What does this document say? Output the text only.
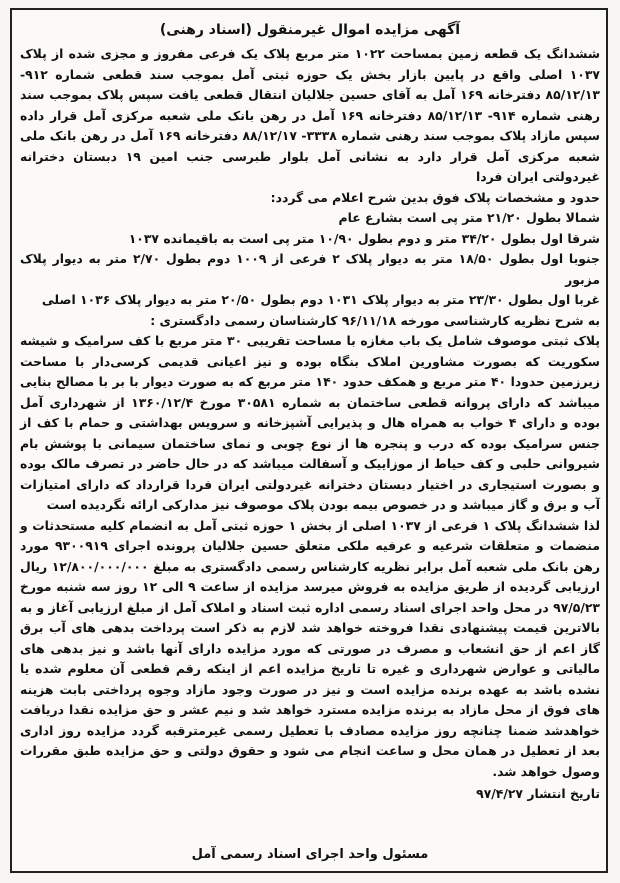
آگهی مزایده اموال غیرمنقول (اسناد رهنی)

ششدانگ یک قطعه زمین بمساحت ۱۰۲۲ متر مربع پلاک یک فرعی مفروز و مجزی شده از پلاک ۱۰۳۷ اصلی واقع در پایین بازار بخش یک حوزه ثبتی آمل بموجب سند قطعی شماره ۹۱۲- ۸۵/۱۲/۱۳ دفترخانه ۱۶۹ آمل به آقای حسین جلالیان انتقال قطعی یافت سپس پلاک بموجب سند رهنی شماره ۹۱۴- ۸۵/۱۲/۱۳ دفترخانه ۱۶۹ آمل در رهن بانک ملی شعبه مرکزی آمل قرار داده سپس مازاد پلاک بموجب سند رهنی شماره ۳۳۳۸- ۸۸/۱۲/۱۷ دفترخانه ۱۶۹ آمل در رهن بانک ملی شعبه مرکزی آمل قرار دارد به نشانی آمل بلوار طبرسی جنب امین ۱۹ دبستان دخترانه غیردولتی ایران فردا

حدود و مشخصات پلاک فوق بدین شرح اعلام می گردد:

شمالا بطول ۲۱/۲۰ متر پی است بشارع عام

شرقا اول بطول ۳۴/۲۰ متر و دوم بطول ۱۰/۹۰ متر پی است به باقیمانده ۱۰۳۷

جنوبا اول بطول ۱۸/۵۰ متر به دیوار پلاک ۲ فرعی از ۱۰۰۹ دوم بطول ۲/۷۰ متر به دیوار پلاک مزبور

غربا اول بطول ۲۳/۳۰ متر به دیوار پلاک ۱۰۳۱ دوم بطول ۲۰/۵۰ متر به دیوار پلاک ۱۰۳۶ اصلی

به شرح نظریه کارشناسی مورخه ۹۶/۱۱/۱۸ کارشناسان رسمی دادگستری :

پلاک ثبتی موصوف شامل یک باب مغازه با مساحت تقریبی ۳۰ متر مربع با کف سرامیک و شیشه سکوریت که بصورت مشاورین املاک بنگاه بوده و نیز اعیانی قدیمی کرسی‌دار با مساحت زیرزمین حدودا ۴۰ متر مربع و همکف حدود ۱۴۰ متر مربع که به صورت دیوار با بر با مصالح بنایی میباشد که دارای پروانه قطعی ساختمان به شماره ۳۰۵۸۱ مورخ ۱۳۶۰/۱۲/۴ از شهرداری آمل بوده و دارای ۴ خواب به همراه هال و پذیرایی آشپزخانه و سرویس بهداشتی و حمام با کف از جنس سرامیک بوده که درب و پنجره ها از نوع چوبی و نمای ساختمان سیمانی با پوشش بام شیروانی حلبی و کف حیاط از موزاییک و آسفالت میباشد که در حال حاضر در تصرف مالک بوده و بصورت استیجاری در اختیار دبستان دخترانه غیردولتی ایران فردا قرارداد که دارای امتیازات آب و برق و گاز میباشد و در خصوص بیمه بودن پلاک موصوف نیز مدارکی ارائه نگردیده است

لذا ششدانگ پلاک ۱ فرعی از ۱۰۳۷ اصلی از بخش ۱ حوزه ثبتی آمل به انضمام کلیه مستحدثات و منضمات و متعلقات شرعیه و عرفیه ملکی متعلق حسین جلالیان پرونده اجرای ۹۳۰۰۹۱۹ مورد رهن بانک ملی شعبه آمل برابر نظریه کارشناس رسمی دادگستری به مبلغ ۱۲/۸۰۰/۰۰۰/۰۰۰ ریال ارزیابی گردیده از طریق مزایده به فروش میرسد مزایده از ساعت ۹ الی ۱۲ روز سه شنبه مورخ ۹۷/۵/۲۳ در محل واحد اجرای اسناد رسمی اداره ثبت اسناد و املاک آمل از مبلغ ارزیابی آغاز و به بالاترین قیمت پیشنهادی نقدا فروخته خواهد شد لازم به ذکر است پرداخت بدهی های آب برق گاز اعم از حق انشعاب و مصرف در صورتی که مورد مزایده دارای آنها باشد و نیز بدهی های مالیاتی و عوارض شهرداری و غیره تا تاریخ مزایده اعم از اینکه رقم قطعی آن معلوم شده یا نشده باشد به عهده برنده مزایده است و نیز در صورت وجود مازاد وجوه پرداختی بابت هزینه های فوق از محل مازاد به برنده مزایده مسترد خواهد شد و نیم عشر و حق مزایده نقدا دریافت خواهدشد ضمنا چنانچه روز مزایده مصادف با تعطیل رسمی غیرمترقبه گردد مزایده روز اداری بعد از تعطیل در همان محل و ساعت انجام می شود و حقوق دولتی و حق مزایده طبق مقررات وصول خواهد شد.

تاریخ انتشار ۹۷/۴/۲۷

مسئول واحد اجرای اسناد رسمی آمل
